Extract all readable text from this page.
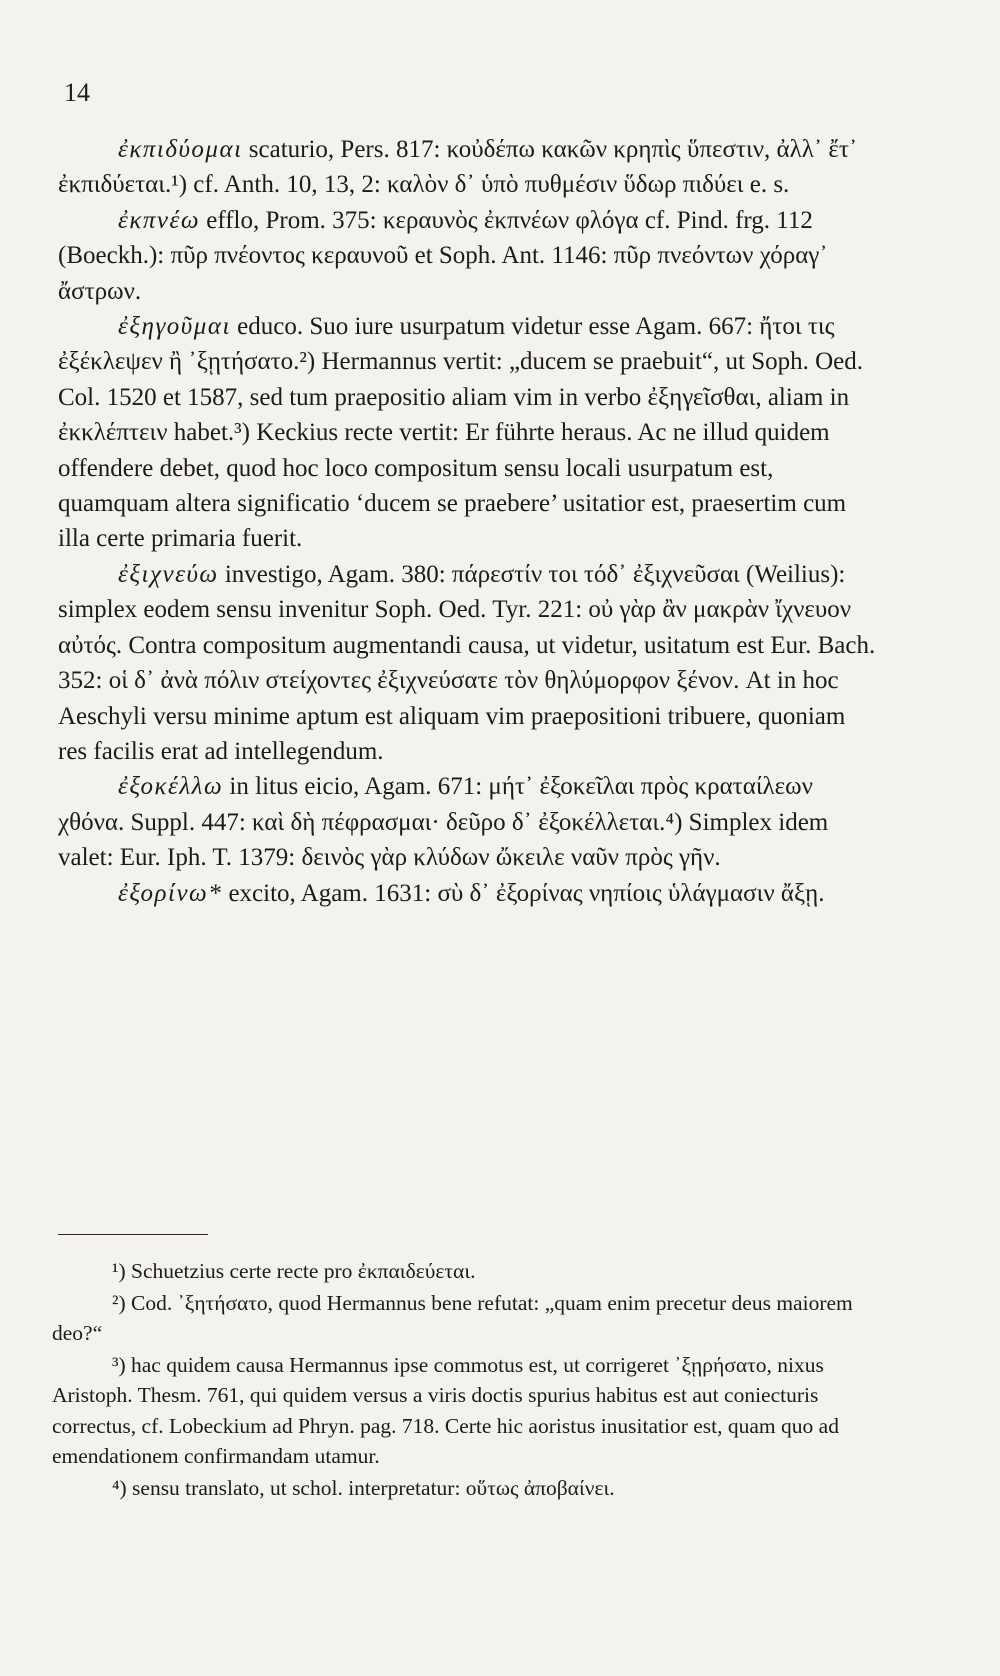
14

ἐκπιδύομαι scaturio, Pers. 817: κοὐδέπω κακῶν κρηπὶς ὕπεστιν, ἀλλ᾽ ἔτ᾽ ἐκπιδύεται.¹) cf. Anth. 10, 13, 2: καλὸν δ᾽ ὑπὸ πυθμέσιν ὕδωρ πιδύει e. s.

ἐκπνέω efflo, Prom. 375: κεραυνὸς ἐκπνέων φλόγα cf. Pind. frg. 112 (Boeckh.): πῦρ πνέοντος κεραυνοῦ et Soph. Ant. 1146: πῦρ πνεόντων χόραγ᾽ ἄστρων.

ἐξηγοῦμαι educo. Suo iure usurpatum videtur esse Agam. 667: ἤτοι τις ἐξέκλεψεν ἢ ᾿ξῃτήσατο.²) Hermannus vertit: „ducem se praebuit“, ut Soph. Oed. Col. 1520 et 1587, sed tum praepositio aliam vim in verbo ἐξηγεῖσθαι, aliam in ἐκκλέπτειν habet.³) Keckius recte vertit: Er führte heraus. Ac ne illud quidem offendere debet, quod hoc loco compositum sensu locali usurpatum est, quamquam altera significatio ‘ducem se praebere’ usitatior est, praesertim cum illa certe primaria fuerit.

ἐξιχνεύω investigo, Agam. 380: πάρεστίν τοι τόδ᾽ ἐξιχνεῦσαι (Weilius): simplex eodem sensu invenitur Soph. Oed. Tyr. 221: οὐ γὰρ ἂν μακρὰν ἴχνευον αὐτός. Contra compositum augmentandi causa, ut videtur, usitatum est Eur. Bach. 352: οἱ δ᾽ ἀνὰ πόλιν στείχοντες ἐξιχνεύσατε τὸν θηλύμορφον ξένον. At in hoc Aeschyli versu minime aptum est aliquam vim praepositioni tribuere, quoniam res facilis erat ad intellegendum.

ἐξοκέλλω in litus eicio, Agam. 671: μήτ᾽ ἐξοκεῖλαι πρὸς κραταίλεων χθόνα. Suppl. 447: καὶ δὴ πέφρασμαι· δεῦρο δ᾽ ἐξοκέλλεται.⁴) Simplex idem valet: Eur. Iph. T. 1379: δεινὸς γὰρ κλύδων ὤκειλε ναῦν πρὸς γῆν.

ἐξορίνω* excito, Agam. 1631: σὺ δ᾽ ἐξορίνας νηπίοις ὑλάγμασιν ἄξῃ.

¹) Schuetzius certe recte pro ἐκπαιδεύεται.

²) Cod. ᾿ξητήσατο, quod Hermannus bene refutat: „quam enim precetur deus maiorem deo?“

³) hac quidem causa Hermannus ipse commotus est, ut corrigeret ᾿ξῃρήσατο, nixus Aristoph. Thesm. 761, qui quidem versus a viris doctis spurius habitus est aut coniecturis correctus, cf. Lobeckium ad Phryn. pag. 718. Certe hic aoristus inusitatior est, quam quo ad emendationem confirmandam utamur.

⁴) sensu translato, ut schol. interpretatur: οὕτως ἀποβαίνει.
